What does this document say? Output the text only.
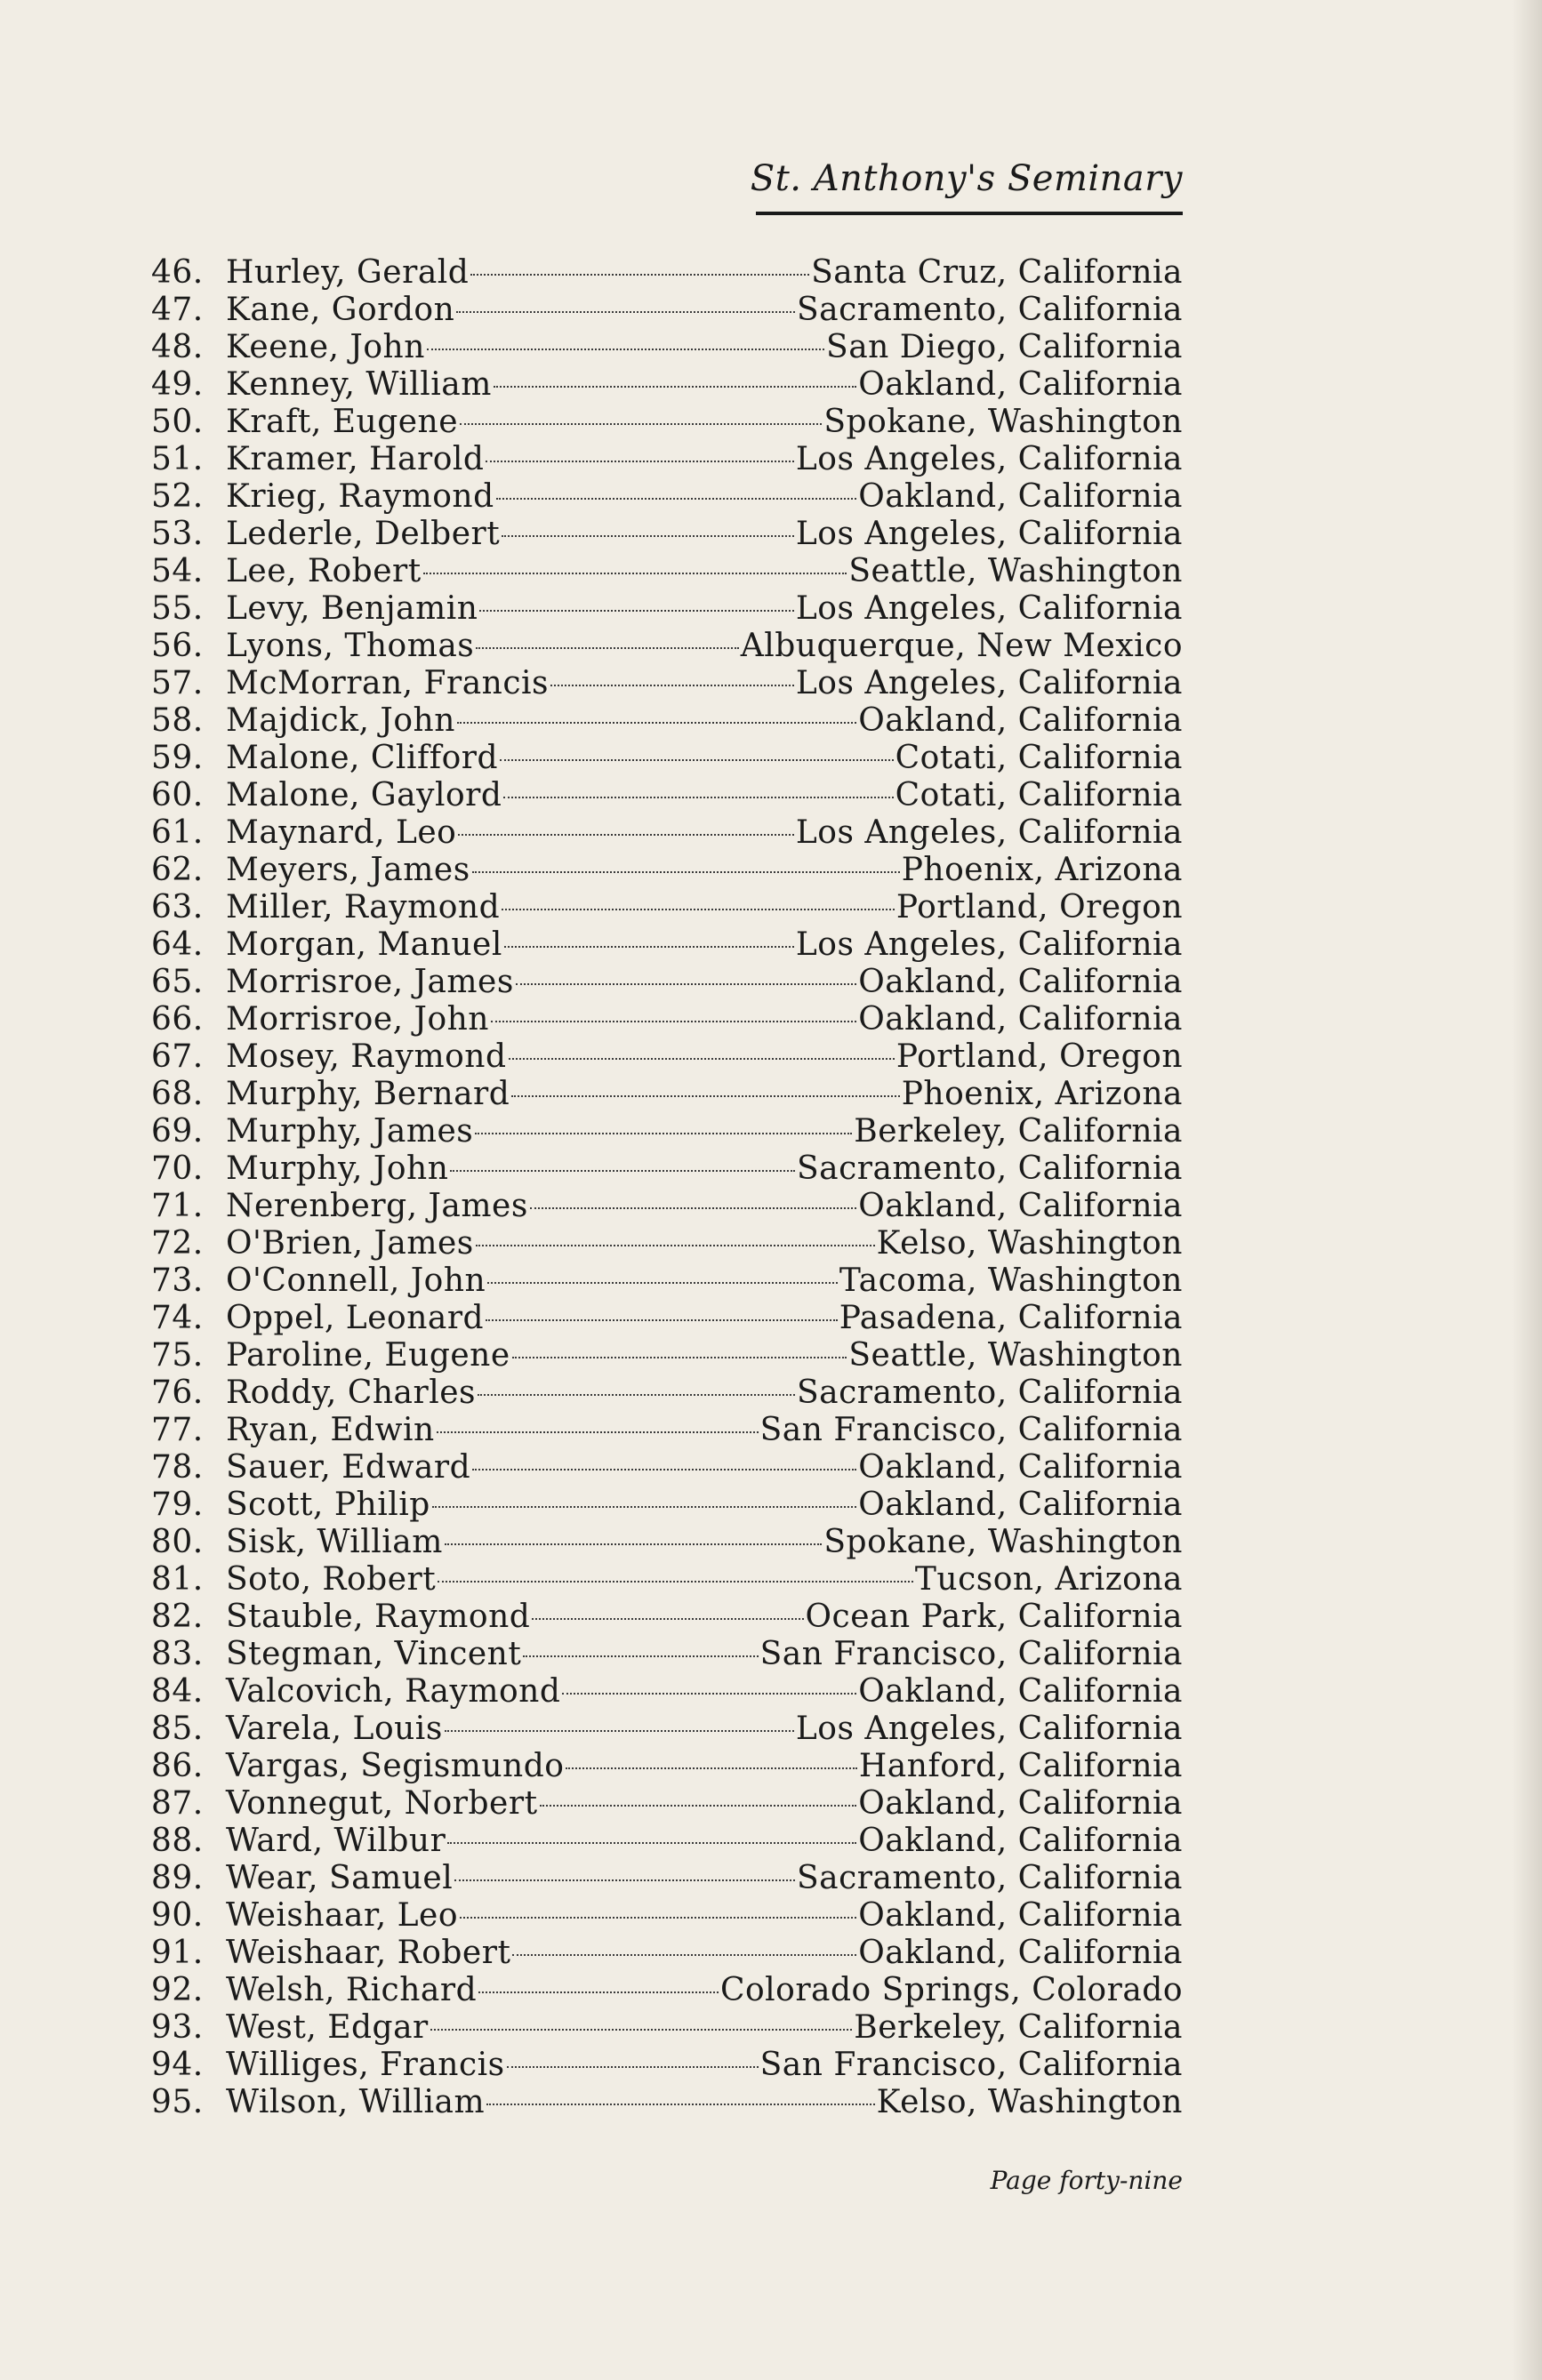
St. Anthony's Seminary
46. Hurley, Gerald	Santa Cruz, California
47. Kane, Gordon	Sacramento, California
48. Keene, John	San Diego, California
49. Kenney, William	Oakland, California
50. Kraft, Eugene	Spokane, Washington
51. Kramer, Harold	Los Angeles, California
52. Krieg, Raymond	Oakland, California
53. Lederle, Delbert	Los Angeles, California
54. Lee, Robert	Seattle, Washington
55. Levy, Benjamin	Los Angeles, California
56. Lyons, Thomas	Albuquerque, New Mexico
57. McMorran, Francis	Los Angeles, California
58. Majdick, John	Oakland, California
59. Malone, Clifford	Cotati, California
60. Malone, Gaylord	Cotati, California
61. Maynard, Leo	Los Angeles, California
62. Meyers, James	Phoenix, Arizona
63. Miller, Raymond	Portland, Oregon
64. Morgan, Manuel	Los Angeles, California
65. Morrisroe, James	Oakland, California
66. Morrisroe, John	Oakland, California
67. Mosey, Raymond	Portland, Oregon
68. Murphy, Bernard	Phoenix, Arizona
69. Murphy, James	Berkeley, California
70. Murphy, John	Sacramento, California
71. Nerenberg, James	Oakland, California
72. O'Brien, James	Kelso, Washington
73. O'Connell, John	Tacoma, Washington
74. Oppel, Leonard	Pasadena, California
75. Paroline, Eugene	Seattle, Washington
76. Roddy, Charles	Sacramento, California
77. Ryan, Edwin	San Francisco, California
78. Sauer, Edward	Oakland, California
79. Scott, Philip	Oakland, California
80. Sisk, William	Spokane, Washington
81. Soto, Robert	Tucson, Arizona
82. Stauble, Raymond	Ocean Park, California
83. Stegman, Vincent	San Francisco, California
84. Valcovich, Raymond	Oakland, California
85. Varela, Louis	Los Angeles, California
86. Vargas, Segismundo	Hanford, California
87. Vonnegut, Norbert	Oakland, California
88. Ward, Wilbur	Oakland, California
89. Wear, Samuel	Sacramento, California
90. Weishaar, Leo	Oakland, California
91. Weishaar, Robert	Oakland, California
92. Welsh, Richard	Colorado Springs, Colorado
93. West, Edgar	Berkeley, California
94. Williges, Francis	San Francisco, California
95. Wilson, William	Kelso, Washington
Page forty-nine
